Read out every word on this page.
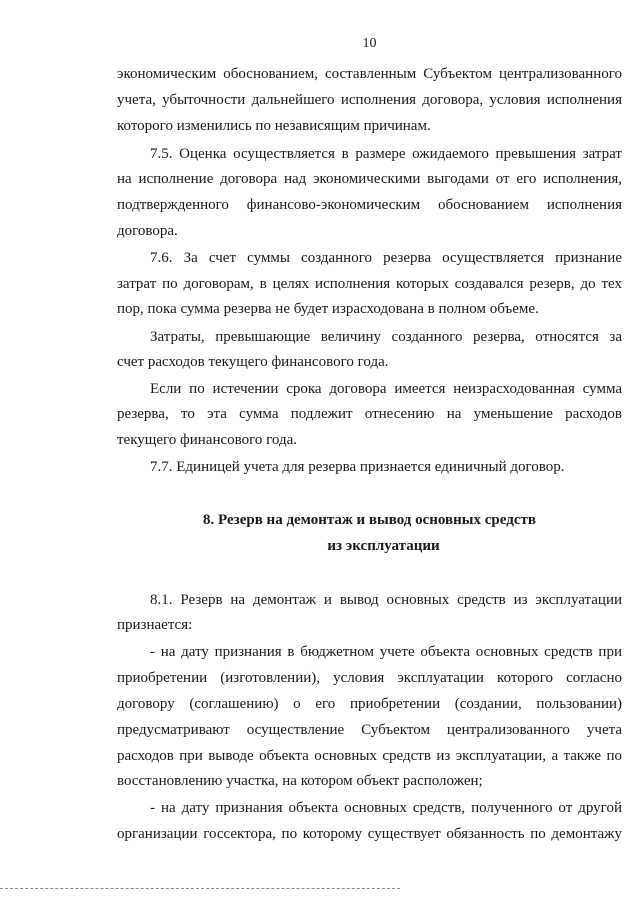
10
экономическим обоснованием, составленным Субъектом централизованного
учета, убыточности дальнейшего исполнения договора, условия исполнения
которого изменились по независящим причинам.
7.5. Оценка осуществляется в размере ожидаемого превышения затрат
на исполнение договора над экономическими выгодами от его исполнения,
подтвержденного финансово-экономическим обоснованием исполнения
договора.
7.6. За счет суммы созданного резерва осуществляется признание
затрат по договорам, в целях исполнения которых создавался резерв, до тех
пор, пока сумма резерва не будет израсходована в полном объеме.
Затраты, превышающие величину созданного резерва, относятся за
счет расходов текущего финансового года.
Если по истечении срока договора имеется неизрасходованная сумма
резерва, то эта сумма подлежит отнесению на уменьшение расходов
текущего финансового года.
7.7. Единицей учета для резерва признается единичный договор.
8. Резерв на демонтаж и вывод основных средств
из эксплуатации
8.1. Резерв на демонтаж и вывод основных средств из эксплуатации
признается:
- на дату признания в бюджетном учете объекта основных средств при
приобретении (изготовлении), условия эксплуатации которого согласно
договору (соглашению) о его приобретении (создании, пользовании)
предусматривают осуществление Субъектом централизованного учета
расходов при выводе объекта основных средств из эксплуатации, а также по
восстановлению участка, на котором объект расположен;
- на дату признания объекта основных средств, полученного от другой
организации госсектора, по которому существует обязанность по демонтажу
